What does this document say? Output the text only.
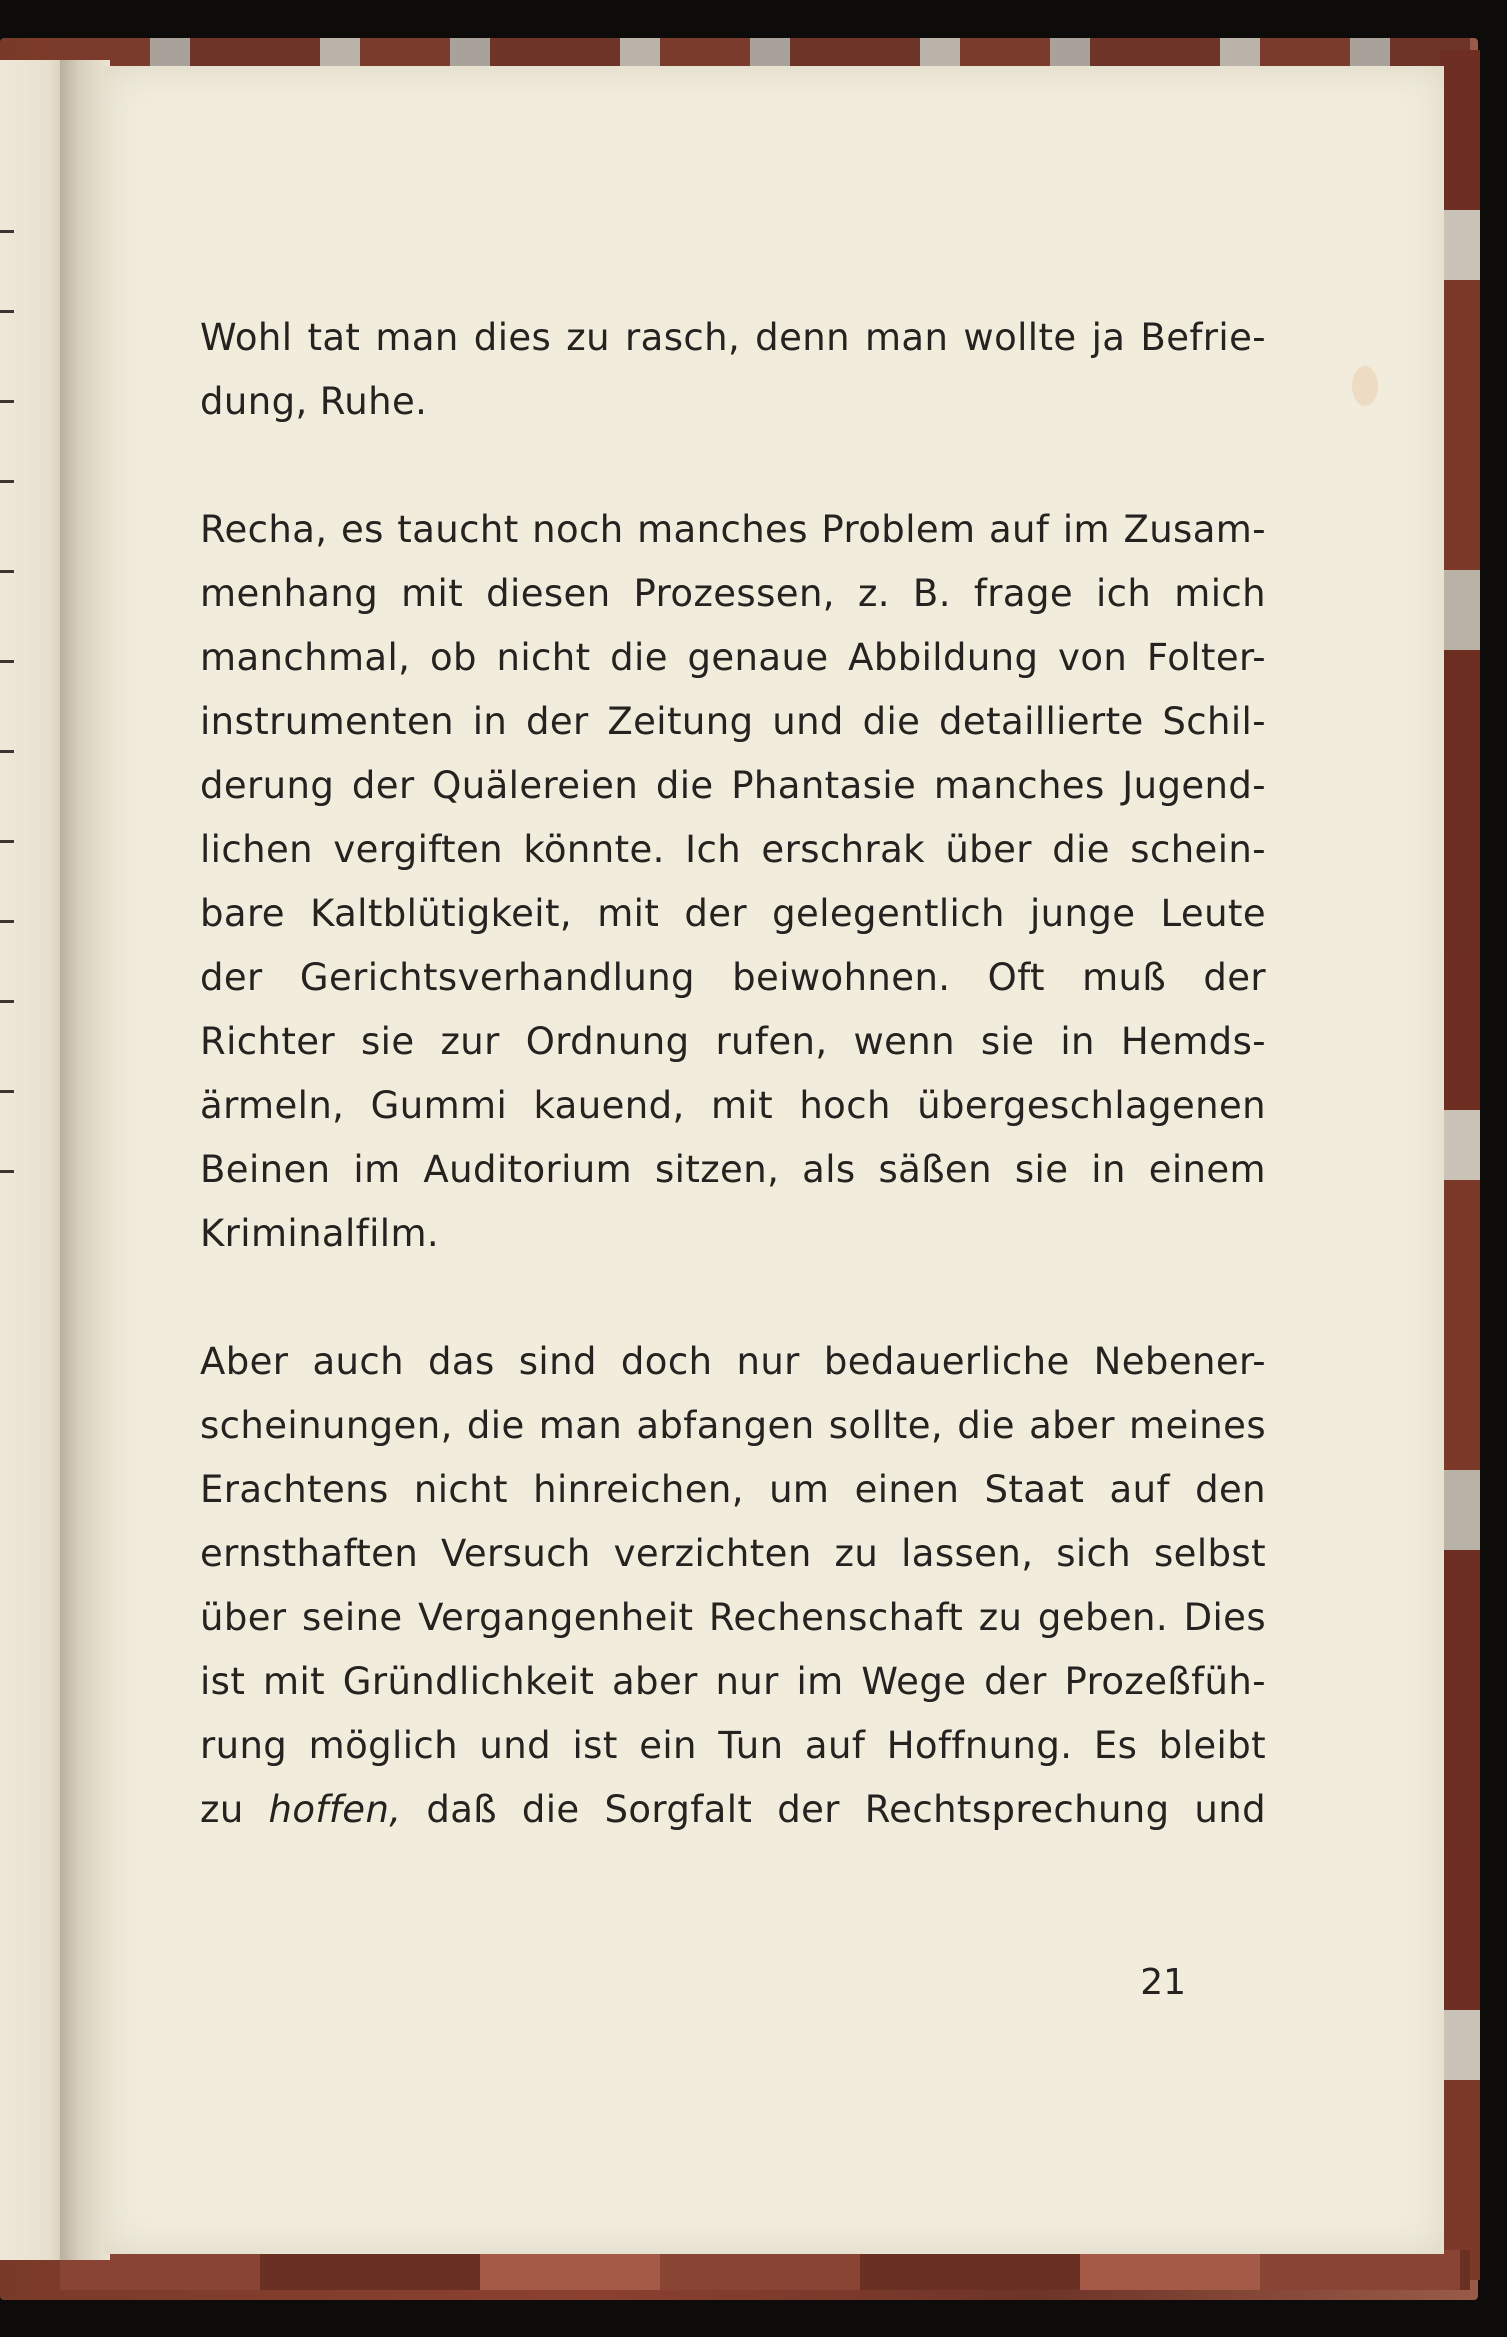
Wohl tat man dies zu rasch, denn man wollte ja Befrie-
dung, Ruhe.
Recha, es taucht noch manches Problem auf im Zusam-
menhang mit diesen Prozessen, z. B. frage ich mich
manchmal, ob nicht die genaue Abbildung von Folter-
instrumenten in der Zeitung und die detaillierte Schil-
derung der Quälereien die Phantasie manches Jugend-
lichen vergiften könnte. Ich erschrak über die schein-
bare Kaltblütigkeit, mit der gelegentlich junge Leute
der Gerichtsverhandlung beiwohnen. Oft muß der
Richter sie zur Ordnung rufen, wenn sie in Hemds-
ärmeln, Gummi kauend, mit hoch übergeschlagenen
Beinen im Auditorium sitzen, als säßen sie in einem
Kriminalfilm.
Aber auch das sind doch nur bedauerliche Nebener-
scheinungen, die man abfangen sollte, die aber meines
Erachtens nicht hinreichen, um einen Staat auf den
ernsthaften Versuch verzichten zu lassen, sich selbst
über seine Vergangenheit Rechenschaft zu geben. Dies
ist mit Gründlichkeit aber nur im Wege der Prozeßfüh-
rung möglich und ist ein Tun auf Hoffnung. Es bleibt
zu hoffen, daß die Sorgfalt der Rechtsprechung und
21
